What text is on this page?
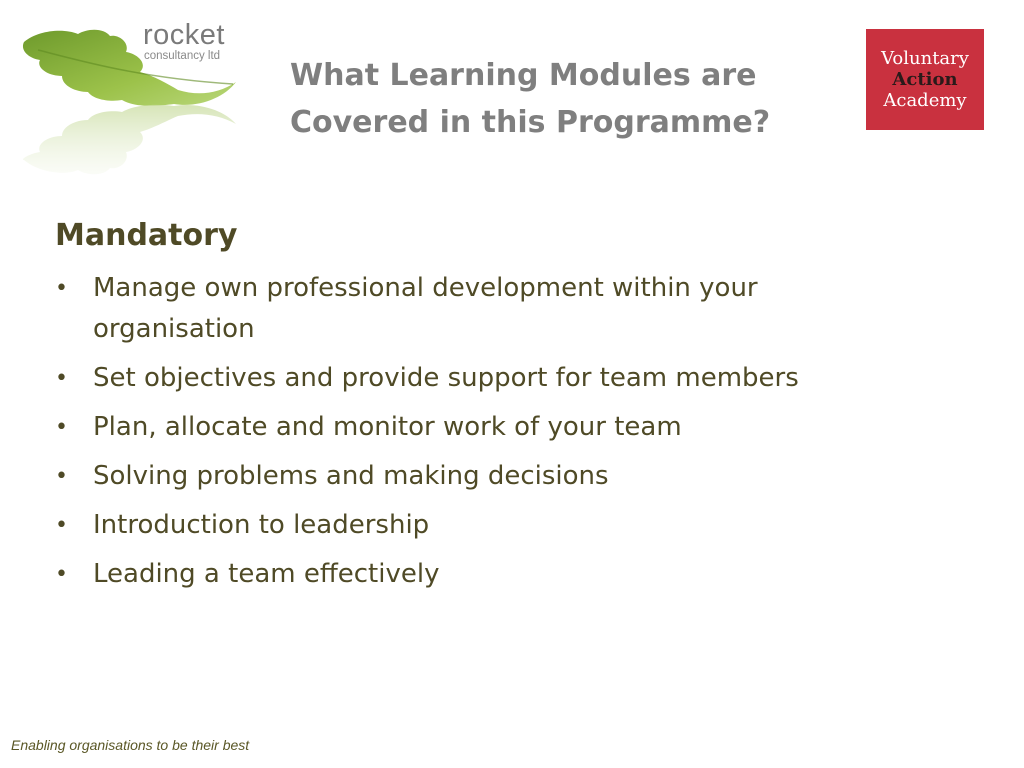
rocket
consultancy ltd
What Learning Modules are
Covered in this Programme?
Voluntary
Action
Academy
Mandatory
• Manage own professional development within your organisation
• Set objectives and provide support for team members
• Plan, allocate and monitor work of your team
• Solving problems and making decisions
• Introduction to leadership
• Leading a team effectively
Enabling organisations to be their best
